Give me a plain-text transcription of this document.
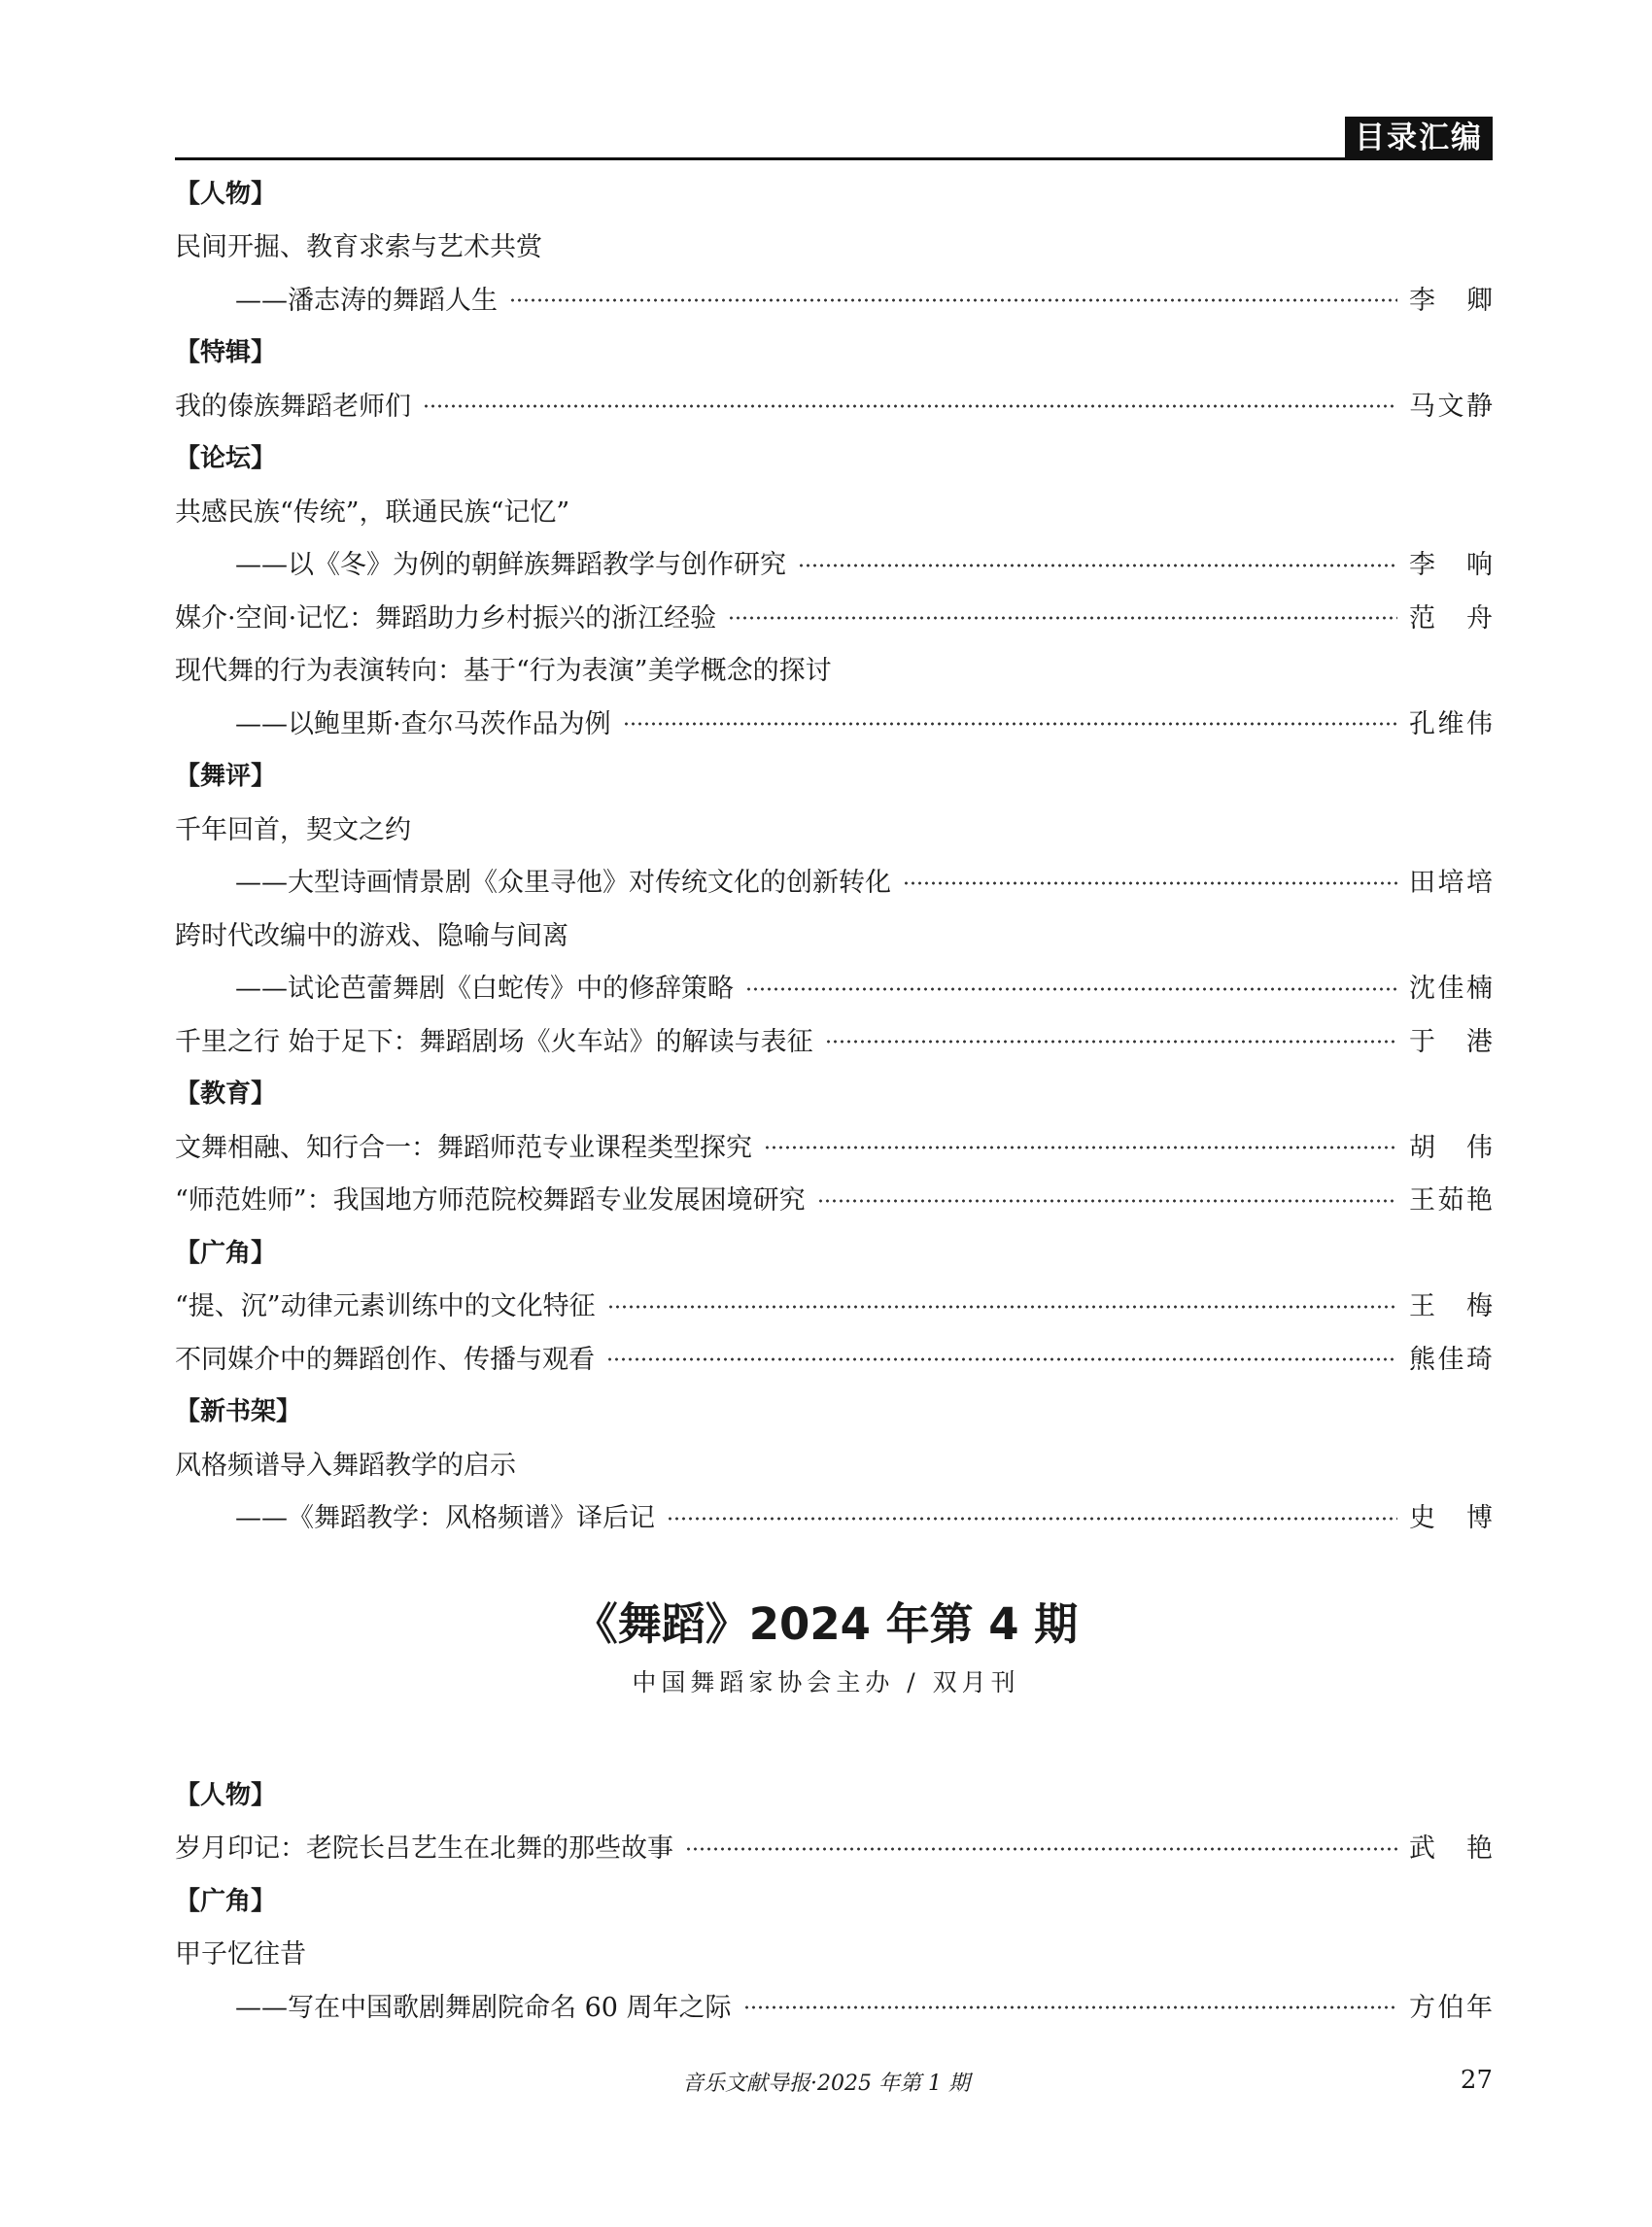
目录汇编
【人物】
民间开掘、教育求索与艺术共赏
——潘志涛的舞蹈人生	李卿
【特辑】
我的傣族舞蹈老师们	马文静
【论坛】
共感民族“传统”，联通民族“记忆”
——以《冬》为例的朝鲜族舞蹈教学与创作研究	李响
媒介·空间·记忆：舞蹈助力乡村振兴的浙江经验	范舟
现代舞的行为表演转向：基于“行为表演”美学概念的探讨
——以鲍里斯·查尔马茨作品为例	孔维伟
【舞评】
千年回首，契文之约
——大型诗画情景剧《众里寻他》对传统文化的创新转化	田培培
跨时代改编中的游戏、隐喻与间离
——试论芭蕾舞剧《白蛇传》中的修辞策略	沈佳楠
千里之行 始于足下：舞蹈剧场《火车站》的解读与表征	于港
【教育】
文舞相融、知行合一：舞蹈师范专业课程类型探究	胡伟
“师范姓师”：我国地方师范院校舞蹈专业发展困境研究	王茹艳
【广角】
“提、沉”动律元素训练中的文化特征	王梅
不同媒介中的舞蹈创作、传播与观看	熊佳琦
【新书架】
风格频谱导入舞蹈教学的启示
——《舞蹈教学：风格频谱》译后记	史博
《舞蹈》2024 年第 4 期
中国舞蹈家协会主办 / 双月刊
【人物】
岁月印记：老院长吕艺生在北舞的那些故事	武艳
【广角】
甲子忆往昔
——写在中国歌剧舞剧院命名 60 周年之际	方伯年
音乐文献导报·2025 年第 1 期	27
